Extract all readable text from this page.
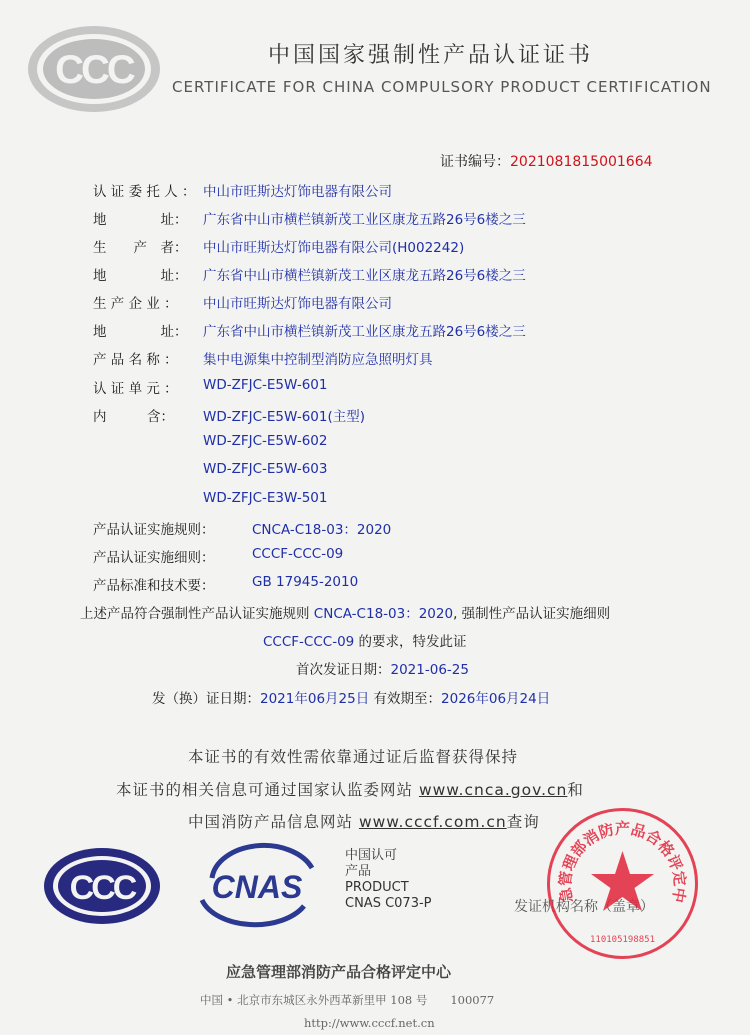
CCC	中国国家强制性产品认证证书
CERTIFICATE FOR CHINA COMPULSORY PRODUCT CERTIFICATION
证书编号：2021081815001664
认 证 委 托 人 ： 中山市旺斯达灯饰电器有限公司
地　　　　址： 广东省中山市横栏镇新茂工业区康龙五路26号6楼之三
生　　产　者： 中山市旺斯达灯饰电器有限公司(H002242)
地　　　　址： 广东省中山市横栏镇新茂工业区康龙五路26号6楼之三
生 产 企 业 ： 中山市旺斯达灯饰电器有限公司
地　　　　址： 广东省中山市横栏镇新茂工业区康龙五路26号6楼之三
产 品 名 称 ： 集中电源集中控制型消防应急照明灯具
认 证 单 元 ： WD-ZFJC-E5W-601
内　　　含： WD-ZFJC-E5W-601(主型)
WD-ZFJC-E5W-602
WD-ZFJC-E5W-603
WD-ZFJC-E3W-501
产品认证实施规则：	CNCA-C18-03：2020
产品认证实施细则：	CCCF-CCC-09
产品标准和技术要：	GB 17945-2010
上述产品符合强制性产品认证实施规则 CNCA-C18-03：2020, 强制性产品认证实施细则
CCCF-CCC-09 的要求，特发此证
首次发证日期：2021-06-25
发（换）证日期：2021年06月25日 有效期至：2026年06月24日
本证书的有效性需依靠通过证后监督获得保持
本证书的相关信息可通过国家认监委网站 www.cnca.gov.cn和
中国消防产品信息网站 www.cccf.com.cn查询
CCC CNAS
中国认可
产品
PRODUCT
CNAS C073-P	发证机构名称（盖章）
急管理部消防产品合格评定中
110105198851
应急管理部消防产品合格评定中心
中国 • 北京市东城区永外西革新里甲 108 号　　100077
http://www.cccf.net.cn
